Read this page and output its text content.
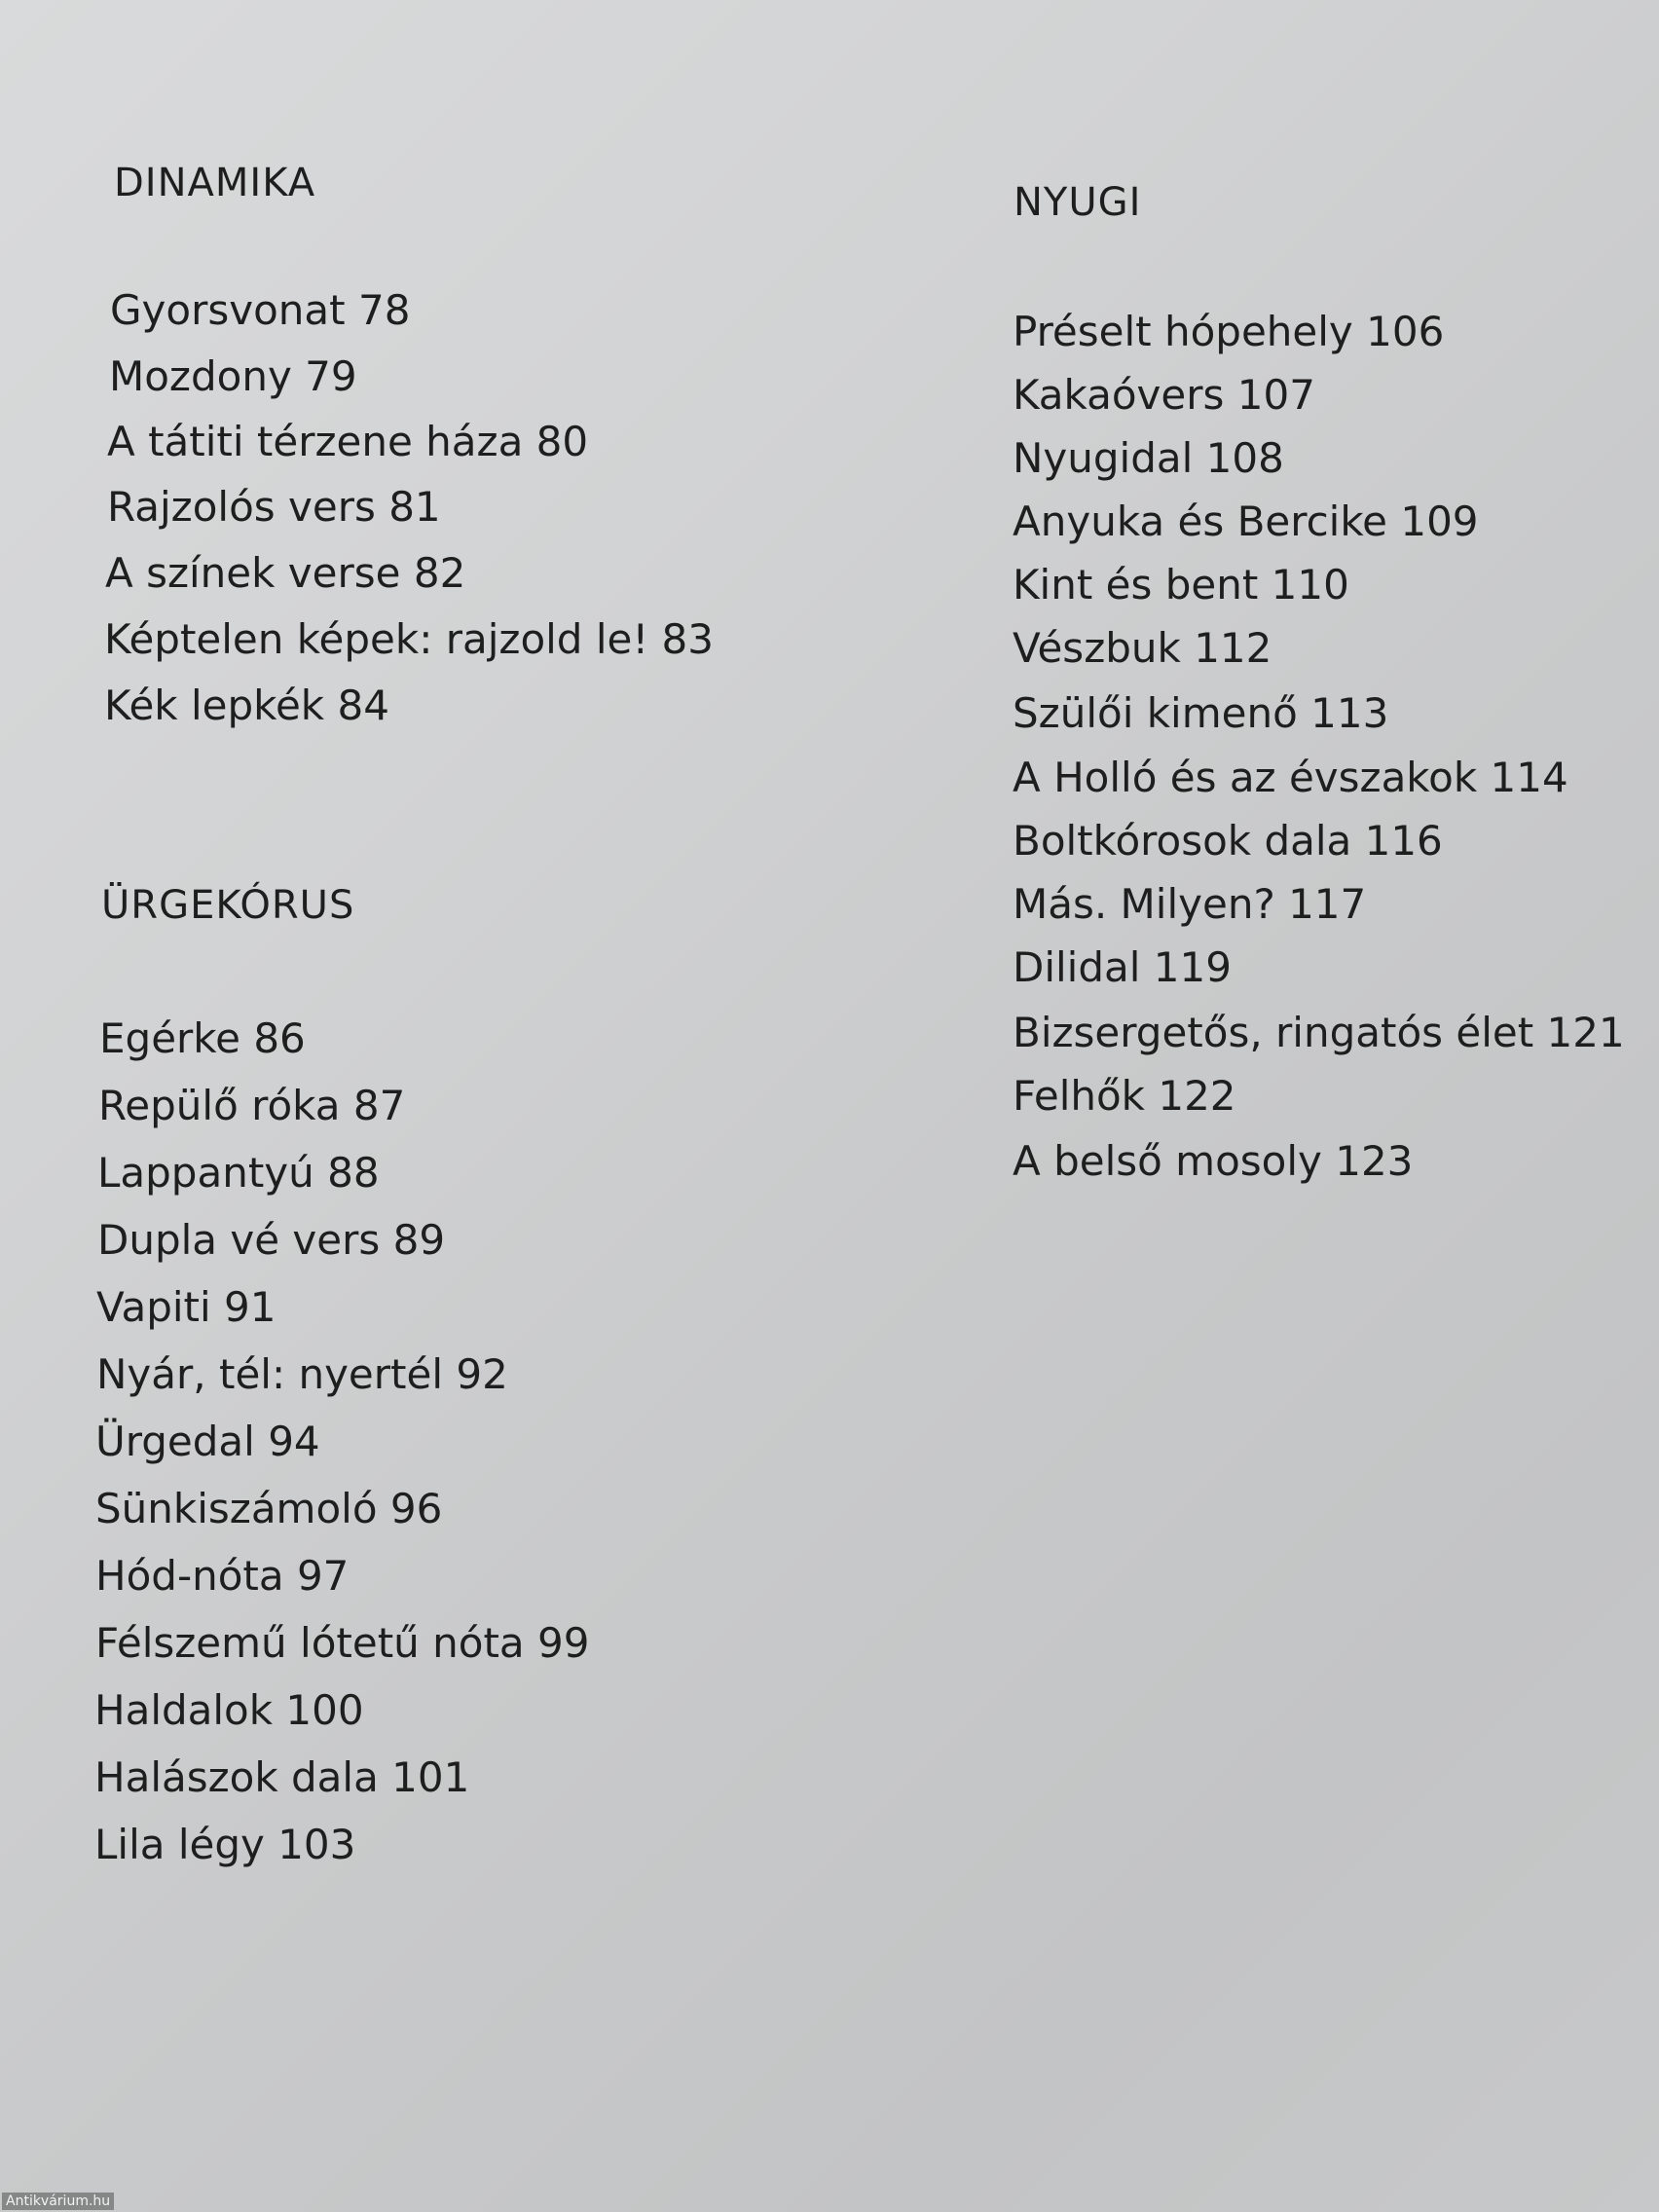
DINAMIKA
Gyorsvonat 78
Mozdony 79
A tátiti térzene háza 80
Rajzolós vers 81
A színek verse 82
Képtelen képek: rajzold le! 83
Kék lepkék 84
ÜRGEKÓRUS
Egérke 86
Repülő róka 87
Lappantyú 88
Dupla vé vers 89
Vapiti 91
Nyár, tél: nyertél 92
Ürgedal 94
Sünkiszámoló 96
Hód-nóta 97
Félszemű lótetű nóta 99
Haldalok 100
Halászok dala 101
Lila légy 103
NYUGI
Préselt hópehely 106
Kakaóvers 107
Nyugidal 108
Anyuka és Bercike 109
Kint és bent 110
Vészbuk 112
Szülői kimenő 113
A Holló és az évszakok 114
Boltkórosok dala 116
Más. Milyen? 117
Dilidal 119
Bizsergetős, ringatós élet 121
Felhők 122
A belső mosoly 123
Antikvárium.hu
